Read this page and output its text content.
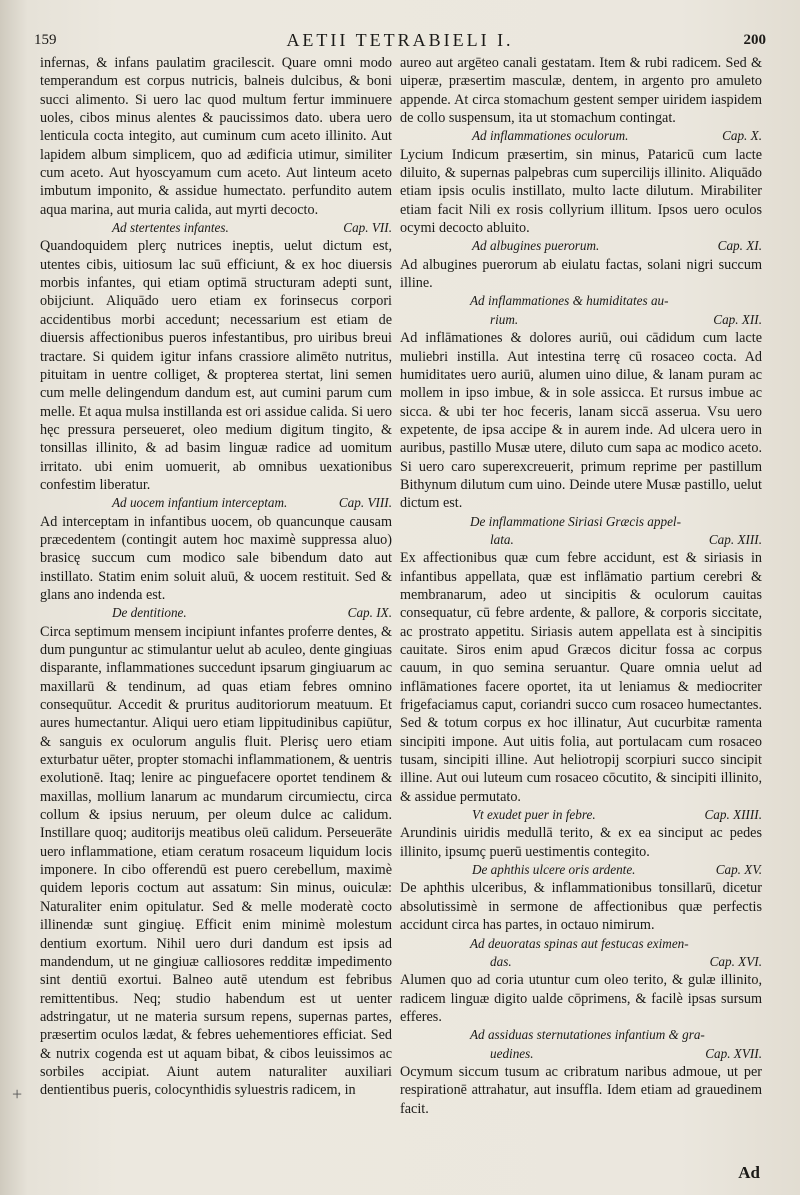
159	AETII TETRABIELI I.	200

infernas, & infans paulatim gracilescit. Quare omni modo temperandum est corpus nutricis, balneis dulcibus, & boni succi alimento. Si uero lac quod multum fertur imminuere uoles, cibos minus alentes & paucissimos dato. ubera uero lenticula cocta integito, aut cuminum cum aceto illinito. Aut lapidem album simplicem, quo ad ædificia utimur, similiter cum aceto. Aut hyoscyamum cum aceto. Aut linteum aceto imbutum imponito, & assidue humectato. perfundito autem aqua marina, aut muria calida, aut myrti decocto.

Ad stertentes infantes.	Cap. VII.

Quandoquidem plerç nutrices ineptis, uelut dictum est, utentes cibis, uitiosum lac suū efficiunt, & ex hoc diuersis morbis infantes, qui etiam optimā structuram adepti sunt, obijciunt. Aliquādo uero etiam ex forinsecus corpori accidentibus morbi accedunt; necessarium est etiam de diuersis affectionibus pueros infestantibus, pro uiribus breui tractare. Si quidem igitur infans crassiore alimēto nutritus, pituitam in uentre colliget, & propterea stertat, lini semen cum melle delingendum dandum est, aut cumini parum cum melle. Et aqua mulsa instillanda est ori assidue calida. Si uero hęc pressura perseueret, oleo medium digitum tingito, & tonsillas illinito, & ad basim linguæ radice ad uomitum irritato. ubi enim uomuerit, ab omnibus uexationibus confestim liberatur.

Ad uocem infantium interceptam.	Cap. VIII.

Ad interceptam in infantibus uocem, ob quancunque causam præcedentem (contingit autem hoc maximè suppressa aluo) brasicę succum cum modico sale bibendum dato aut instillato. Statim enim soluit aluū, & uocem restituit. Sed & glans ano indenda est.

De dentitione.	Cap. IX.

Circa septimum mensem incipiunt infantes proferre dentes, & dum punguntur ac stimulantur uelut ab aculeo, dente gingiuas disparante, inflammationes succedunt ipsarum gingiuarum ac maxillarū & tendinum, ad quas etiam febres omnino consequūtur. Accedit & pruritus auditoriorum meatuum. Et aures humectantur. Aliqui uero etiam lippitudinibus capiūtur, & sanguis ex oculorum angulis fluit. Plerisç uero etiam exturbatur uēter, propter stomachi inflammationem, & uentris exolutionē. Itaq; lenire ac pinguefacere oportet tendinem & maxillas, mollium lanarum ac mundarum circumiectu, circa collum & ipsius neruum, per oleum dulce ac calidum. Instillare quoq; auditorijs meatibus oleū calidum. Perseuerāte uero inflammatione, etiam ceratum rosaceum liquidum locis imponere. In cibo offerendū est puero cerebellum, maximè quidem leporis coctum aut assatum: Sin minus, ouiculæ: Naturaliter enim opitulatur. Sed & melle moderatè cocto illinendæ sunt gingiuę. Efficit enim minimè molestum dentium exortum. Nihil uero duri dandum est ipsis ad mandendum, ut ne gingiuæ calliosores redditæ impedimento sint dentiū exortui. Balneo autē utendum est febribus remittentibus. Neq; studio habendum est ut uenter adstringatur, ut ne materia sursum repens, supernas partes, præsertim oculos lædat, & febres uehementiores efficiat. Sed & nutrix cogenda est ut aquam bibat, & cibos leuissimos ac sorbiles accipiat. Aiunt autem naturaliter auxiliari dentientibus pueris, colocynthidis syluestris radicem, in

aureo aut argēteo canali gestatam. Item & rubi radicem. Sed & uiperæ, præsertim masculæ, dentem, in argento pro amuleto appende. At circa stomachum gestent semper uiridem iaspidem de collo suspensum, ita ut stomachum contingat.

Ad inflammationes oculorum.	Cap. X.

Lycium Indicum præsertim, sin minus, Pataricū cum lacte diluito, & supernas palpebras cum supercilijs illinito. Aliquādo etiam ipsis oculis instillato, multo lacte dilutum. Mirabiliter etiam facit Nili ex rosis collyrium illitum. Ipsos uero oculos ocymi decocto abluito.

Ad albugines puerorum.	Cap. XI.

Ad albugines puerorum ab eiulatu factas, solani nigri succum illine.

Ad inflammationes & humiditates au-
rium.	Cap. XII.

Ad inflāmationes & dolores auriū, oui cādidum cum lacte muliebri instilla. Aut intestina terrę cū rosaceo cocta. Ad humiditates uero auriū, alumen uino dilue, & lanam puram ac mollem in ipso imbue, & in sole assicca. Et rursus imbue ac sicca. & ubi ter hoc feceris, lanam siccā asserua. Vsu uero expetente, de ipsa accipe & in aurem inde. Ad ulcera uero in auribus, pastillo Musæ utere, diluto cum sapa ac modico aceto. Si uero caro superexcreuerit, primum reprime per pastillum Bithynum dilutum cum uino. Deinde utere Musæ pastillo, uelut dictum est.

De inflammatione Siriasi Græcis appel-
lata.	Cap. XIII.

Ex affectionibus quæ cum febre accidunt, est & siriasis in infantibus appellata, quæ est inflāmatio partium cerebri & membranarum, adeo ut sincipitis & oculorum cauitas consequatur, cū febre ardente, & pallore, & corporis siccitate, ac prostrato appetitu. Siriasis autem appellata est à sincipitis cauitate. Siros enim apud Græcos dicitur fossa ac corpus cauum, in quo semina seruantur. Quare omnia uelut ad inflāmationes facere oportet, ita ut leniamus & mediocriter frigefaciamus caput, coriandri succo cum rosaceo humectantes. Sed & totum corpus ex hoc illinatur, Aut cucurbitæ ramenta sincipiti impone. Aut uitis folia, aut portulacam cum rosaceo tusam, sincipiti illine. Aut heliotropij scorpiuri succo sincipit illine. Aut oui luteum cum rosaceo cōcutito, & sincipiti illinito, & assidue permutato.

Vt exudet puer in febre.	Cap. XIIII.

Arundinis uiridis medullā terito, & ex ea sinciput ac pedes illinito, ipsumç puerū uestimentis contegito.

De aphthis ulcere oris ardente.	Cap. XV.

De aphthis ulceribus, & inflammationibus tonsillarū, dicetur absolutissimè in sermone de affectionibus quæ perfectis accidunt circa has partes, in octauo nimirum.

Ad deuoratas spinas aut festucas eximen-
das.	Cap. XVI.

Alumen quo ad coria utuntur cum oleo terito, & gulæ illinito, radicem linguæ digito ualde cōprimens, & facilè ipsas sursum efferes.

Ad assiduas sternutationes infantium & gra-
uedines.	Cap. XVII.

Ocymum siccum tusum ac cribratum naribus admoue, ut per respirationē attrahatur, aut insuffla. Idem etiam ad grauedinem facit.

+
Ad
